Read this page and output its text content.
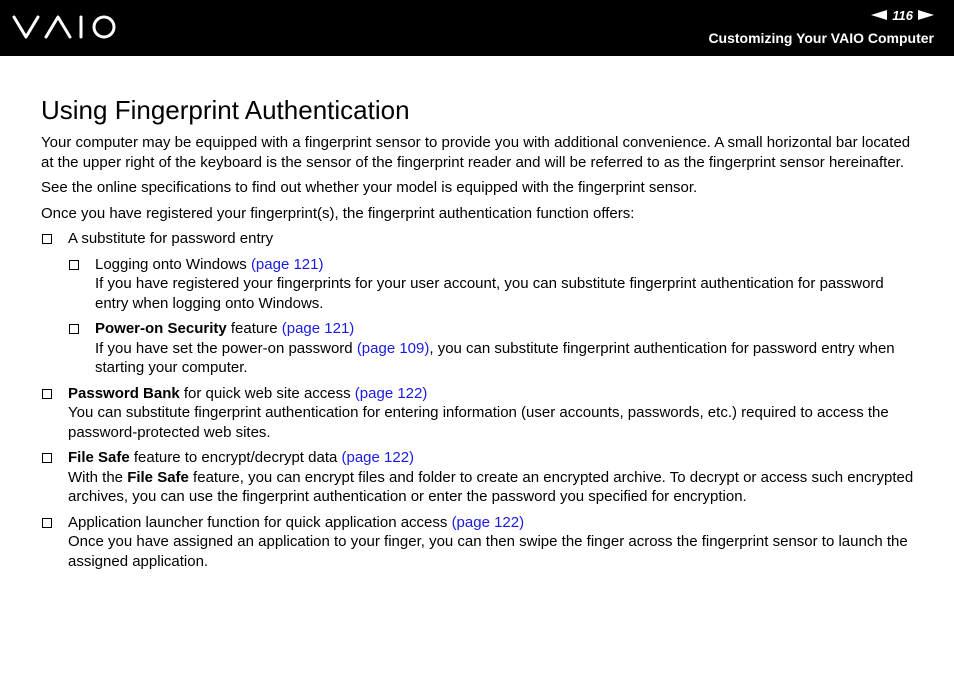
116
Customizing Your VAIO Computer
Using Fingerprint Authentication

Your computer may be equipped with a fingerprint sensor to provide you with additional convenience. A small horizontal bar located at the upper right of the keyboard is the sensor of the fingerprint reader and will be referred to as the fingerprint sensor hereinafter.

See the online specifications to find out whether your model is equipped with the fingerprint sensor.

Once you have registered your fingerprint(s), the fingerprint authentication function offers:

A substitute for password entry
Logging onto Windows (page 121)
If you have registered your fingerprints for your user account, you can substitute fingerprint authentication for password entry when logging onto Windows.
Power-on Security feature (page 121)
If you have set the power-on password (page 109), you can substitute fingerprint authentication for password entry when starting your computer.
Password Bank for quick web site access (page 122)
You can substitute fingerprint authentication for entering information (user accounts, passwords, etc.) required to access the password-protected web sites.
File Safe feature to encrypt/decrypt data (page 122)
With the File Safe feature, you can encrypt files and folder to create an encrypted archive. To decrypt or access such encrypted archives, you can use the fingerprint authentication or enter the password you specified for encryption.
Application launcher function for quick application access (page 122)
Once you have assigned an application to your finger, you can then swipe the finger across the fingerprint sensor to launch the assigned application.
